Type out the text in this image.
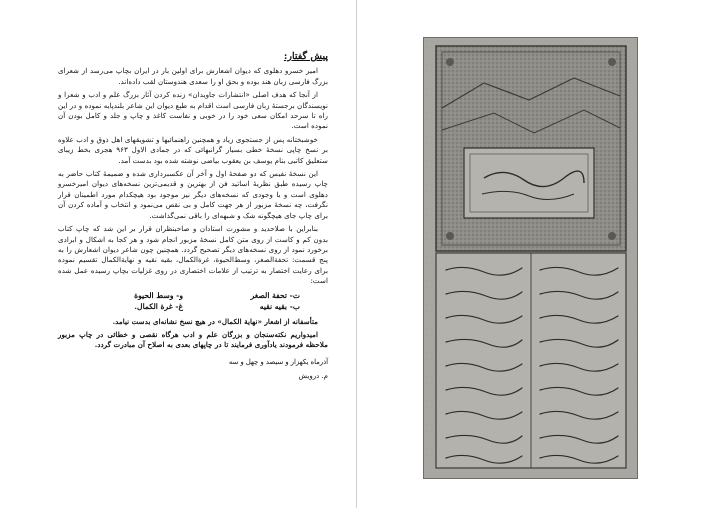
پیش گفتار:

امیر خسرو دهلوی که دیوان اشعارش برای اولین بار در ایران بچاپ می‌رسد از شعرای بزرگ فارسی زبان هند بوده و بحق او را سعدی هندوستان لقب داده‌اند.

از آنجا که هدف اصلی «انتشارات جاویدان» زنده کردن آثار بزرگ علم و ادب و شعرا و نویسندگان برجستهٔ زبان فارسی است اقدام به طبع دیوان این شاعر بلندپایه نموده و در این راه تا سرحد امکان سعی خود را در خوبی و نفاست کاغذ و چاپ و جلد و کامل بودن آن نموده است.

خوشبختانه پس از جستجوی زیاد و همچنین راهنمائیها و تشویقهای اهل ذوق و ادب علاوه بر نسخ چاپی نسخهٔ خطی بسیار گرانبهائی که در جمادی الاول ۹۶۳ هجری بخط زیبای ستعلیق کاتبی بنام یوسف بن یعقوب بیاضی نوشته شده بود بدست آمد.

این نسخهٔ نفیس که دو صفحهٔ اول و آخر آن عکسبرداری شده و ضمیمهٔ کتاب حاضر به چاپ رسیده طبق نظریهٔ اساتید فن از بهترین و قدیمی‌ترین نسخه‌های دیوان امیرخسرو دهلوی است و با وجودی که نسخه‌های دیگر نیز موجود بود هیچکدام مورد اطمینان قرار نگرفت، چه نسخهٔ مزبور از هر جهت کامل و بی نقص می‌نمود و انتخاب و آماده کردن آن برای چاپ جای هیچگونه شک و شبهه‌ای را باقی نمی‌گذاشت.

بنابراین با صلاحدید و مشورت استادان و صاحبنظران قرار بر این شد که چاپ کتاب بدون کم و کاست از روی متن کامل نسخهٔ مزبور انجام شود و هر کجا به اشکال و ابرادی برخورد نمود از روی نسخه‌های دیگر تصحیح گردد. همچنین چون شاعر دیوان اشعارش را به پنج قسمت: تحفة‌الصغر، وسط‌الحیوة، غرة‌الکمال، بقیه نقیه و نهایة‌الکمال تقسیم نموده برای رعایت اختصار به ترتیب از علامات اختصاری در روی غزلیات بچاپ رسیده عمل شده است:

ت- تحفة الصغر
و- وسط الحیوة
ب- بقیه نقیه
غ- غرة الکمال.

متأسفانه از اشعار «نهایة الکمال» در هیچ نسخ نشانه‌ای بدست نیامد.

امیدواریم نکته‌سنجان و بزرگان علم و ادب هرگاه نقصی و خطائی در چاپ مزبور ملاحظه فرمودند یادآوری فرمایند تا در چاپهای بعدی به اصلاح آن مبادرت گردد.

آذرماه یکهزار و سیصد و چهل و سه
م. درویش
